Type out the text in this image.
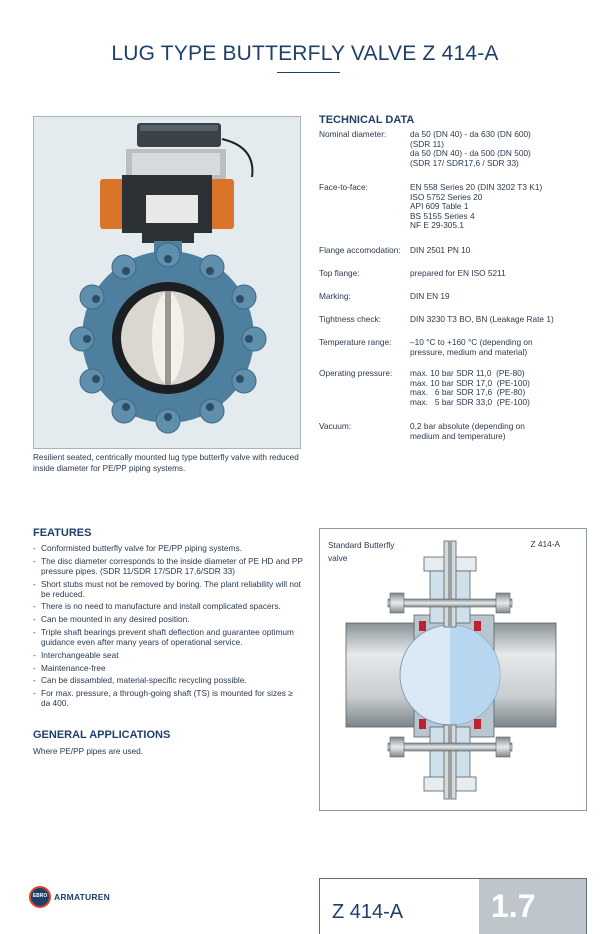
LUG TYPE BUTTERFLY VALVE Z 414-A
Resilient seated, centrically mounted lug type butterfly valve with reduced inside diameter for PE/PP piping systems.
TECHNICAL DATA
Nominal diameter:	da 50 (DN 40) - da 630 (DN 600)
(SDR 11)
da 50 (DN 40) - da 500 (DN 500)
(SDR 17/ SDR17,6 / SDR 33)
Face-to-face:	EN 558 Series 20 (DIN 3202 T3 K1)
ISO 5752 Series 20
API 609 Table 1
BS 5155 Series 4
NF E 29-305.1
Flange accomodation: DIN 2501 PN 10
Top flange:	prepared for EN ISO 5211
Marking:	DIN EN 19
Tightness check:	DIN 3230 T3 BO, BN (Leakage Rate 1)
Temperature range: –10 °C to +160 °C (depending on
pressure, medium and material)
Operating pressure: max. 10 bar SDR 11,0  (PE-80)
max. 10 bar SDR 17,0  (PE-100)
max.   6 bar SDR 17,6  (PE-80)
max.   5 bar SDR 33,0  (PE-100)
Vacuum:	0,2 bar absolute (depending on
medium and temperature)
FEATURES
- Conformisted butterfly valve for PE/PP piping systems.
- The disc diameter corresponds to the inside diameter of PE HD and PP pressure pipes. (SDR 11/SDR 17/SDR 17,6/SDR 33)
- Short stubs must not be removed by boring. The plant reliability will not be reduced.
- There is no need to manufacture and install complicated spacers.
- Can be mounted in any desired position.
- Triple shaft bearings prevent shaft deflection and guarantee optimum guidance even after many years of operational service.
- Interchangeable seat
- Maintenance-free
- Can be dissambled, material-specific recycling possible.
- For max. pressure, a through-going shaft (TS) is mounted for sizes ≥ da 400.
GENERAL APPLICATIONS
Where PE/PP pipes are used.
Standard Butterfly valve
Z 414-A
EBRO ARMATUREN
Z 414-A	1.7
